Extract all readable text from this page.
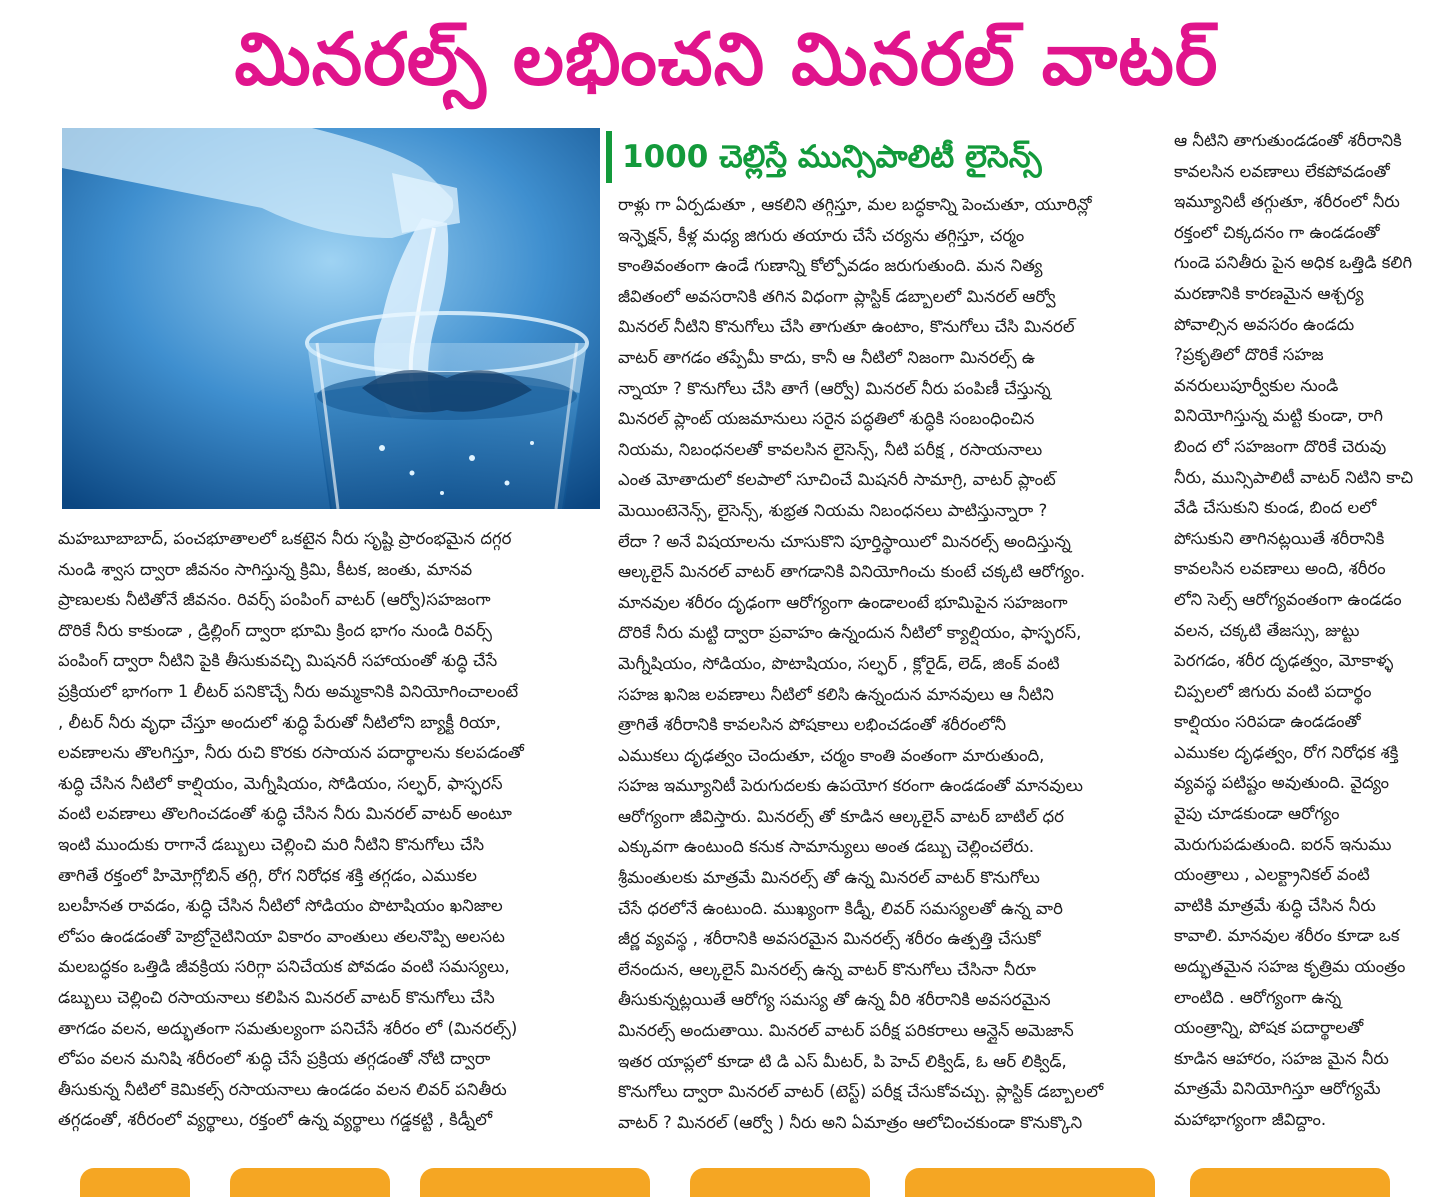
మినరల్స్ లభించని మినరల్ వాటర్
1000 చెల్లిస్తే మున్సిపాలిటీ లైసెన్స్
మహబూబాబాద్, పంచభూతాలలో ఒకటైన నీరు సృష్టి ప్రారంభమైన దగ్గర
నుండి శ్వాస ద్వారా జీవనం సాగిస్తున్న క్రిమి, కీటక, జంతు, మానవ
ప్రాణులకు నీటితోనే జీవనం. రివర్స్ పంపింగ్ వాటర్ (ఆర్వో)సహజంగా
దొరికే నీరు కాకుండా , డ్రిల్లింగ్ ద్వారా భూమి క్రింద భాగం నుండి రివర్స్
పంపింగ్ ద్వారా నీటిని పైకి తీసుకువచ్చి మిషనరీ సహాయంతో శుద్ధి చేసే
ప్రక్రియలో భాగంగా 1 లీటర్ పనికొచ్చే నీరు అమ్మకానికి వినియోగించాలంటే
, లీటర్ నీరు వృధా చేస్తూ అందులో శుద్ధి పేరుతో నీటిలోని బ్యాక్టీ రియా,
లవణాలను తొలగిస్తూ, నీరు రుచి కొరకు రసాయన పదార్థాలను కలపడంతో
శుద్ధి చేసిన నీటిలో కాల్షియం, మెగ్నీషియం, సోడియం, సల్ఫర్, ఫాస్ఫరస్
వంటి లవణాలు తొలగించడంతో శుద్ధి చేసిన నీరు మినరల్ వాటర్ అంటూ
ఇంటి ముందుకు రాగానే డబ్బులు చెల్లించి మరి నీటిని కొనుగోలు చేసి
తాగితే రక్తంలో హిమోగ్లోబిన్ తగ్గి, రోగ నిరోధక శక్తి తగ్గడం, ఎముకల
బలహీనత రావడం, శుద్ధి చేసిన నీటిలో సోడియం పొటాషియం ఖనిజాల
లోపం ఉండడంతో హెబ్రోనైటినియా వికారం వాంతులు తలనొప్పి అలసట
మలబద్ధకం ఒత్తిడి జీవక్రియ సరిగ్గా పనిచేయక పోవడం వంటి సమస్యలు,
డబ్బులు చెల్లించి రసాయనాలు కలిపిన మినరల్ వాటర్ కొనుగోలు చేసి
తాగడం వలన, అద్భుతంగా సమతుల్యంగా పనిచేసే శరీరం లో (మినరల్స్)
లోపం వలన మనిషి శరీరంలో శుద్ధి చేసే ప్రక్రియ తగ్గడంతో నోటి ద్వారా
తీసుకున్న నీటిలో కెమికల్స్ రసాయనాలు ఉండడం వలన లివర్ పనితీరు
తగ్గడంతో, శరీరంలో వ్యర్థాలు, రక్తంలో ఉన్న వ్యర్థాలు గడ్డకట్టి , కిడ్నీలో
రాళ్లు గా ఏర్పడుతూ , ఆకలిని తగ్గిస్తూ, మల బద్ధకాన్ని పెంచుతూ, యూరిన్లో
ఇన్ఫెక్షన్, కీళ్ల మధ్య జిగురు తయారు చేసే చర్యను తగ్గిస్తూ, చర్మం
కాంతివంతంగా ఉండే గుణాన్ని కోల్పోవడం జరుగుతుంది. మన నిత్య
జీవితంలో అవసరానికి తగిన విధంగా ప్లాస్టిక్ డబ్బాలలో మినరల్ ఆర్వో
మినరల్ నీటిని కొనుగోలు చేసి తాగుతూ ఉంటాం, కొనుగోలు చేసి మినరల్
వాటర్ తాగడం తప్పేమీ కాదు, కానీ ఆ నీటిలో నిజంగా మినరల్స్ ఉ
న్నాయా ? కొనుగోలు చేసి తాగే (ఆర్వో) మినరల్ నీరు పంపిణీ చేస్తున్న
మినరల్ ప్లాంట్ యజమానులు సరైన పద్ధతిలో శుద్ధికి సంబంధించిన
నియమ, నిబంధనలతో కావలసిన లైసెన్స్, నీటి పరీక్ష , రసాయనాలు
ఎంత మోతాదులో కలపాలో సూచించే మిషనరీ సామాగ్రి, వాటర్ ప్లాంట్
మెయింటెనెన్స్, లైసెన్స్, శుభ్రత నియమ నిబంధనలు పాటిస్తున్నారా ?
లేదా ? అనే విషయాలను చూసుకొని పూర్తిస్థాయిలో మినరల్స్ అందిస్తున్న
ఆల్కలైన్ మినరల్ వాటర్ తాగడానికి వినియోగించు కుంటే చక్కటి ఆరోగ్యం.
మానవుల శరీరం దృఢంగా ఆరోగ్యంగా ఉండాలంటే భూమిపైన సహజంగా
దొరికే నీరు మట్టి ద్వారా ప్రవాహం ఉన్నందున నీటిలో క్యాల్షియం, ఫాస్ఫరస్,
మెగ్నీషియం, సోడియం, పొటాషియం, సల్ఫర్ , క్లోరైడ్, లెడ్, జింక్ వంటి
సహజ ఖనిజ లవణాలు నీటిలో కలిసి ఉన్నందున మానవులు ఆ నీటిని
త్రాగితే శరీరానికి కావలసిన పోషకాలు లభించడంతో శరీరంలోనీ
ఎముకలు దృఢత్వం చెందుతూ, చర్మం కాంతి వంతంగా మారుతుంది,
సహజ ఇమ్యూనిటీ పెరుగుదలకు ఉపయోగ కరంగా ఉండడంతో మానవులు
ఆరోగ్యంగా జీవిస్తారు. మినరల్స్ తో కూడిన ఆల్కలైన్ వాటర్ బాటిల్ ధర
ఎక్కువగా ఉంటుంది కనుక సామాన్యులు అంత డబ్బు చెల్లించలేరు.
శ్రీమంతులకు మాత్రమే మినరల్స్ తో ఉన్న మినరల్ వాటర్ కొనుగోలు
చేసే ధరలోనే ఉంటుంది. ముఖ్యంగా కిడ్నీ, లివర్ సమస్యలతో ఉన్న వారి
జీర్ణ వ్యవస్థ , శరీరానికి అవసరమైన మినరల్స్ శరీరం ఉత్పత్తి చేసుకో
లేనందున, ఆల్కలైన్ మినరల్స్ ఉన్న వాటర్ కొనుగోలు చేసినా నీరూ
తీసుకున్నట్లయితే ఆరోగ్య సమస్య తో ఉన్న వీరి శరీరానికి అవసరమైన
మినరల్స్ అందుతాయి. మినరల్ వాటర్ పరీక్ష పరికరాలు ఆన్లైన్ అమెజాన్
ఇతర యాప్లలో కూడా టి డి ఎస్ మీటర్, పి హెచ్ లిక్విడ్, ఓ ఆర్ లిక్విడ్,
కొనుగోలు ద్వారా మినరల్ వాటర్ (టెస్ట్) పరీక్ష చేసుకోవచ్చు. ప్లాస్టిక్ డబ్బాలలో
వాటర్ ? మినరల్ (ఆర్వో ) నీరు అని ఏమాత్రం ఆలోచించకుండా కొనుక్కొని
ఆ నీటిని తాగుతుండడంతో శరీరానికి
కావలసిన లవణాలు లేకపోవడంతో
ఇమ్యూనిటీ తగ్గుతూ, శరీరంలో నీరు
రక్తంలో చిక్కదనం గా ఉండడంతో
గుండె పనితీరు పైన అధిక ఒత్తిడి కలిగి
మరణానికి కారణమైన ఆశ్చర్య
పోవాల్సిన అవసరం ఉండదు
?ప్రకృతిలో దొరికే సహజ
వనరులుపూర్వీకుల నుండి
వినియోగిస్తున్న మట్టి కుండా, రాగి
బింద లో సహజంగా దొరికే చెరువు
నీరు, మున్సిపాలిటీ వాటర్ నిటిని కాచి
వేడి చేసుకుని కుండ, బింద లలో
పోసుకుని తాగినట్లయితే శరీరానికి
కావలసిన లవణాలు అంది, శరీరం
లోని సెల్స్ ఆరోగ్యవంతంగా ఉండడం
వలన, చక్కటి తేజస్సు, జుట్టు
పెరగడం, శరీర దృఢత్వం, మోకాళ్ళ
చిప్పలలో జిగురు వంటి పదార్థం
కాల్షియం సరిపడా ఉండడంతో
ఎముకల దృఢత్వం, రోగ నిరోధక శక్తి
వ్యవస్థ పటిష్టం అవుతుంది. వైద్యం
వైపు చూడకుండా ఆరోగ్యం
మెరుగుపడుతుంది. ఐరన్ ఇనుము
యంత్రాలు , ఎలక్ట్రానికల్ వంటి
వాటికి మాత్రమే శుద్ధి చేసిన నీరు
కావాలి. మానవుల శరీరం కూడా ఒక
అద్భుతమైన సహజ కృత్రిమ యంత్రం
లాంటిది . ఆరోగ్యంగా ఉన్న
యంత్రాన్ని, పోషక పదార్థాలతో
కూడిన ఆహారం, సహజ మైన నీరు
మాత్రమే వినియోగిస్తూ ఆరోగ్యమే
మహాభాగ్యంగా జీవిద్దాం.
